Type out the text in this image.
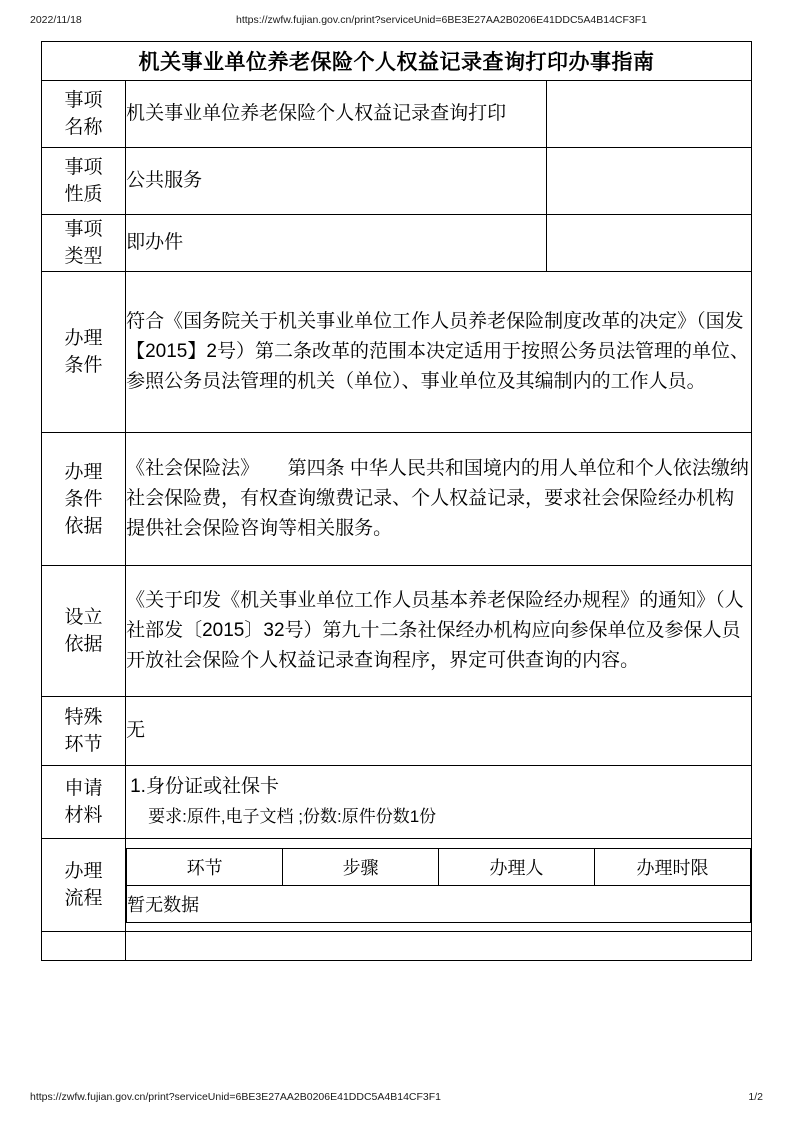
2022/11/18	https://zwfw.fujian.gov.cn/print?serviceUnid=6BE3E27AA2B0206E41DDC5A4B14CF3F1
机关事业单位养老保险个人权益记录查询打印办事指南

事项
名称
	机关事业单位养老保险个人权益记录查询打印	

事项
性质
	公共服务	

事项
类型
	即办件	

办理
条件
	符合《国务院关于机关事业单位工作人员养老保险制度改革的决定》（国发【2015】2号）第二条改革的范围本决定适用于按照公务员法管理的单位、参照公务员法管理的机关（单位）、事业单位及其编制内的工作人员。

办理
条件
依据
	《社会保险法》　　第四条 中华人民共和国境内的用人单位和个人依法缴纳社会保险费，有权查询缴费记录、个人权益记录，要求社会保险经办机构提供社会保险咨询等相关服务。

设立
依据
	《关于印发《机关事业单位工作人员基本养老保险经办规程》的通知》（人社部发〔2015〕32号）第九十二条社保经办机构应向参保单位及参保人员开放社会保险个人权益记录查询程序，界定可供查询的内容。

特殊
环节
	无

申请
材料

1.身份证或社保卡
要求:原件,电子文档 ;份数:原件份数1份

办理
流程

环节	步骤	办理人	办理时限
暂无数据

https://zwfw.fujian.gov.cn/print?serviceUnid=6BE3E27AA2B0206E41DDC5A4B14CF3F1	1/2
